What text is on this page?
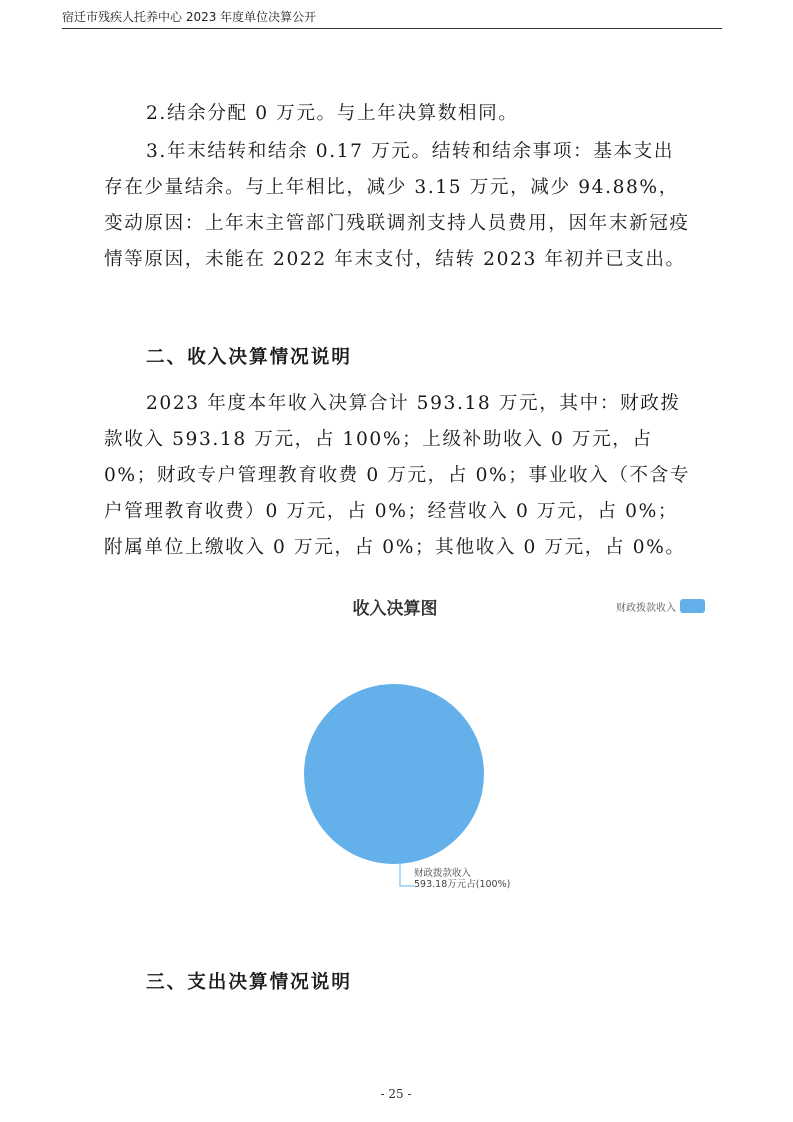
宿迁市残疾人托养中心 2023 年度单位决算公开

2.结余分配 0 万元。与上年决算数相同。

3.年末结转和结余 0.17 万元。结转和结余事项：基本支出存在少量结余。与上年相比，减少 3.15 万元，减少 94.88%，变动原因：上年末主管部门残联调剂支持人员费用，因年末新冠疫情等原因，未能在 2022 年末支付，结转 2023 年初并已支出。

二、收入决算情况说明

2023 年度本年收入决算合计 593.18 万元，其中：财政拨款收入 593.18 万元，占 100%；上级补助收入 0 万元，占 0%；财政专户管理教育收费 0 万元，占 0%；事业收入（不含专户管理教育收费）0 万元，占 0%；经营收入 0 万元，占 0%；附属单位上缴收入 0 万元，占 0%；其他收入 0 万元，占 0%。

收入决算图	财政拨款收入
财政拨款收入
593.18万元占(100%)
三、支出决算情况说明
- 25 -
